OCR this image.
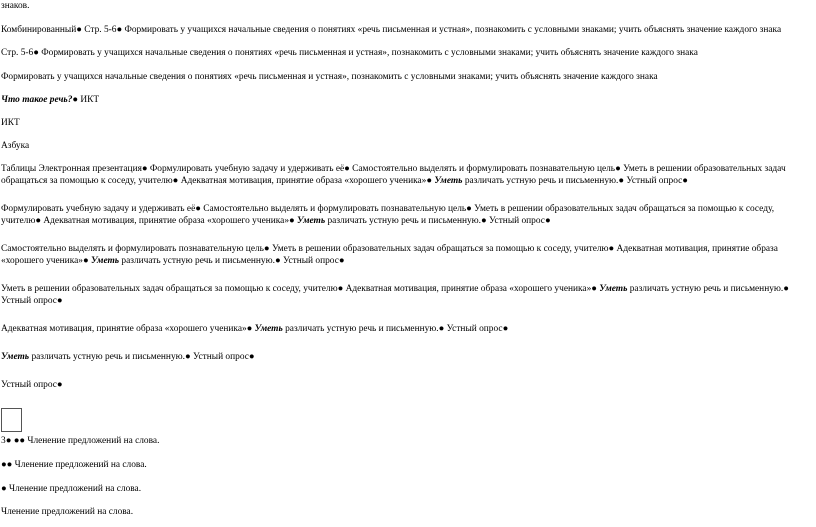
знаков.
Комбинированный● Стр. 5-6● Формировать у учащихся начальные сведения о понятиях «речь письменная и устная», познакомить с условными знаками; учить объяснять значение каждого знака
Стр. 5-6● Формировать у учащихся начальные сведения о понятиях «речь письменная и устная», познакомить с условными знаками; учить объяснять значение каждого знака
Формировать у учащихся начальные сведения о понятиях «речь письменная и устная», познакомить с условными знаками; учить объяснять значение каждого знака
Что такое речь?● ИКТ
ИКТ
Азбука
Таблицы Электронная презентация● Формулировать учебную задачу и удерживать её● Самостоятельно выделять и формулировать познавательную цель● Уметь в решении образовательных задач обращаться за помощью к соседу, учителю● Адекватная мотивация, принятие образа «хорошего ученика»● Уметь различать устную речь и письменную.● Устный опрос●
Формулировать учебную задачу и удерживать её● Самостоятельно выделять и формулировать познавательную цель● Уметь в решении образовательных задач обращаться за помощью к соседу, учителю● Адекватная мотивация, принятие образа «хорошего ученика»● Уметь различать устную речь и письменную.● Устный опрос●
Самостоятельно выделять и формулировать познавательную цель● Уметь в решении образовательных задач обращаться за помощью к соседу, учителю● Адекватная мотивация, принятие образа «хорошего ученика»● Уметь различать устную речь и письменную.● Устный опрос●
Уметь в решении образовательных задач обращаться за помощью к соседу, учителю● Адекватная мотивация, принятие образа «хорошего ученика»● Уметь различать устную речь и письменную.● Устный опрос●
Адекватная мотивация, принятие образа «хорошего ученика»● Уметь различать устную речь и письменную.● Устный опрос●
Уметь различать устную речь и письменную.● Устный опрос●
Устный опрос●
3● ●● Членение предложений на слова.
●● Членение предложений на слова.
● Членение предложений на слова.
Членение предложений на слова.
